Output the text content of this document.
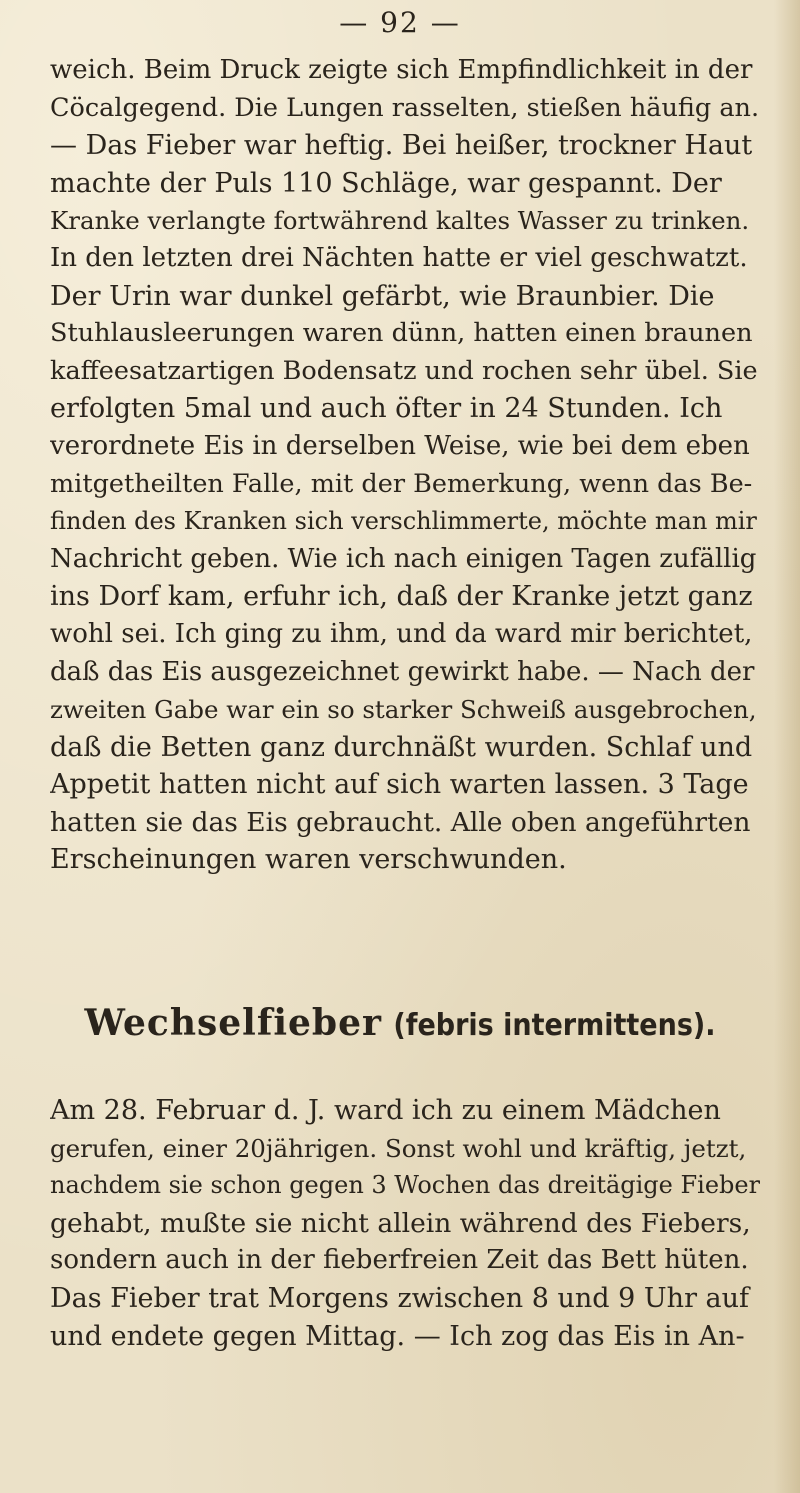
— 92 —
weich. Beim Druck zeigte sich Empfindlichkeit in der
Cöcalgegend. Die Lungen rasselten, stießen häufig an.
— Das Fieber war heftig. Bei heißer, trockner Haut
machte der Puls 110 Schläge, war gespannt. Der
Kranke verlangte fortwährend kaltes Wasser zu trinken.
In den letzten drei Nächten hatte er viel geschwatzt.
Der Urin war dunkel gefärbt, wie Braunbier. Die
Stuhlausleerungen waren dünn, hatten einen braunen
kaffeesatzartigen Bodensatz und rochen sehr übel. Sie
erfolgten 5mal und auch öfter in 24 Stunden. Ich
verordnete Eis in derselben Weise, wie bei dem eben
mitgetheilten Falle, mit der Bemerkung, wenn das Be-
finden des Kranken sich verschlimmerte, möchte man mir
Nachricht geben. Wie ich nach einigen Tagen zufällig
ins Dorf kam, erfuhr ich, daß der Kranke jetzt ganz
wohl sei. Ich ging zu ihm, und da ward mir berichtet,
daß das Eis ausgezeichnet gewirkt habe. — Nach der
zweiten Gabe war ein so starker Schweiß ausgebrochen,
daß die Betten ganz durchnäßt wurden. Schlaf und
Appetit hatten nicht auf sich warten lassen. 3 Tage
hatten sie das Eis gebraucht. Alle oben angeführten
Erscheinungen waren verschwunden.
Wechselfieber (febris intermittens).
Am 28. Februar d. J. ward ich zu einem Mädchen
gerufen, einer 20jährigen. Sonst wohl und kräftig, jetzt,
nachdem sie schon gegen 3 Wochen das dreitägige Fieber
gehabt, mußte sie nicht allein während des Fiebers,
sondern auch in der fieberfreien Zeit das Bett hüten.
Das Fieber trat Morgens zwischen 8 und 9 Uhr auf
und endete gegen Mittag. — Ich zog das Eis in An-
